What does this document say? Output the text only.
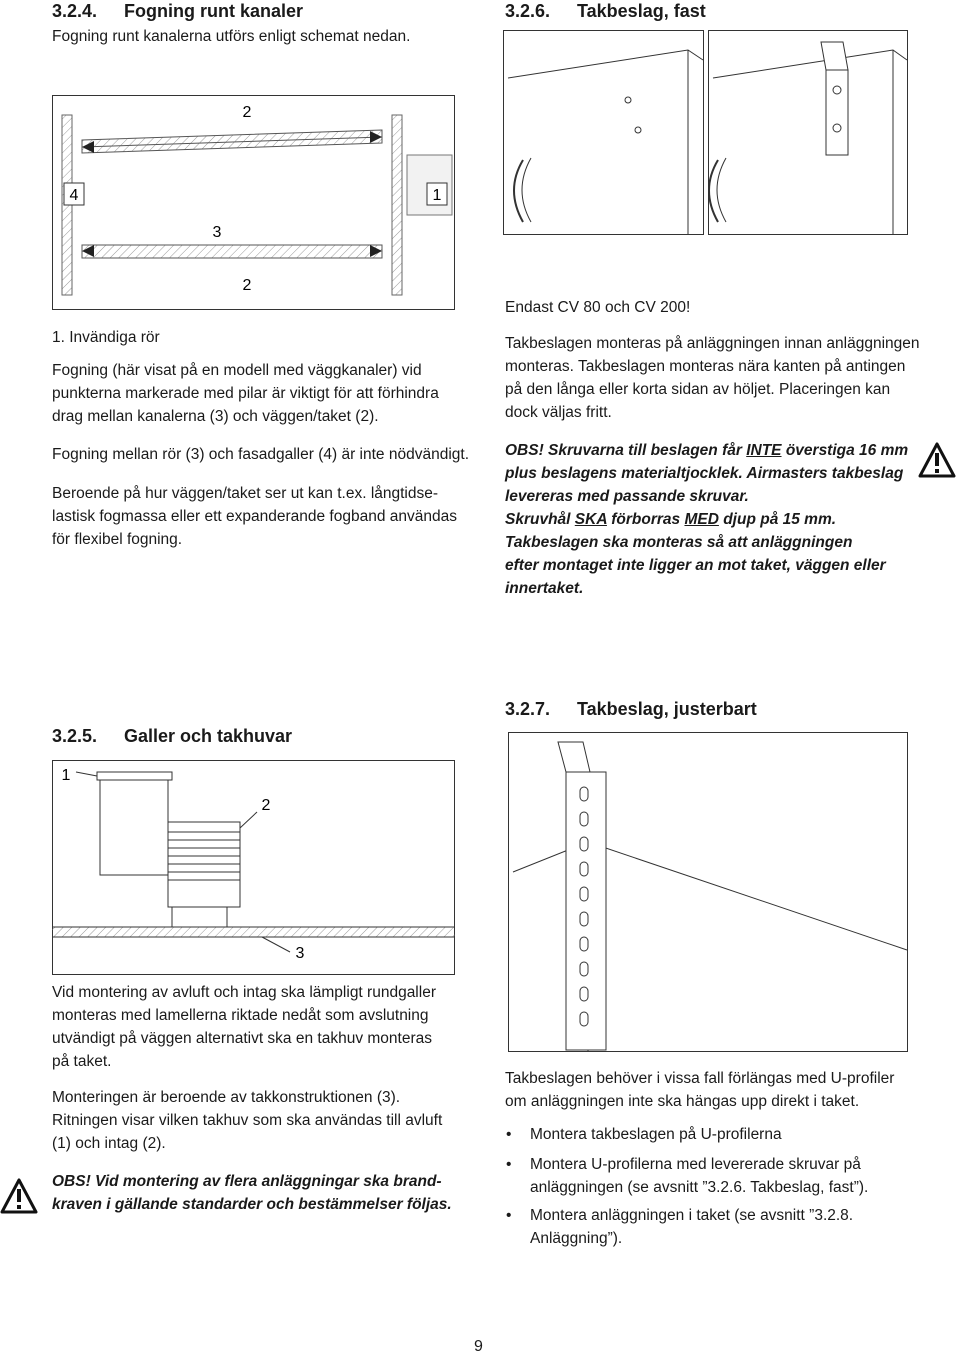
3.2.4. Fogning runt kanaler
Fogning runt kanalerna utförs enligt schemat nedan.
2
4	1
3
2
1. Invändiga rör
Fogning (här visat på en modell med väggkanaler) vid
punkterna markerade med pilar är viktigt för att förhindra
drag mellan kanalerna (3) och väggen/taket (2).
Fogning mellan rör (3) och fasadgaller (4) är inte nödvändigt.
Beroende på hur väggen/taket ser ut kan t.ex. långtidse-
lastisk fogmassa eller ett expanderande fogband användas
för flexibel fogning.
3.2.6. Takbeslag, fast
Endast CV 80 och CV 200!
Takbeslagen monteras på anläggningen innan anläggningen
monteras. Takbeslagen monteras nära kanten på antingen
på den långa eller korta sidan av höljet. Placeringen kan
dock väljas fritt.
OBS! Skruvarna till beslagen får INTE överstiga 16 mm
plus beslagens materialtjocklek. Airmasters takbeslag
levereras med passande skruvar.
Skruvhål SKA förborras MED djup på 15 mm.
Takbeslagen ska monteras så att anläggningen
efter montaget inte ligger an mot taket, väggen eller
innertaket.
3.2.5. Galler och takhuvar
1
2
3
Vid montering av avluft och intag ska lämpligt rundgaller
monteras med lamellerna riktade nedåt som avslutning
utvändigt på väggen alternativt ska en takhuv monteras
på taket.
Monteringen är beroende av takkonstruktionen (3).
Ritningen visar vilken takhuv som ska användas till avluft
(1) och intag (2).
OBS! Vid montering av flera anläggningar ska brand-
kraven i gällande standarder och bestämmelser följas.
3.2.7. Takbeslag, justerbart
Takbeslagen behöver i vissa fall förlängas med U-profiler
om anläggningen inte ska hängas upp direkt i taket.
• Montera takbeslagen på U-profilerna
• Montera U-profilerna med levererade skruvar på
anläggningen (se avsnitt ”3.2.6. Takbeslag, fast”).
• Montera anläggningen i taket (se avsnitt ”3.2.8.
Anläggning”).
9
